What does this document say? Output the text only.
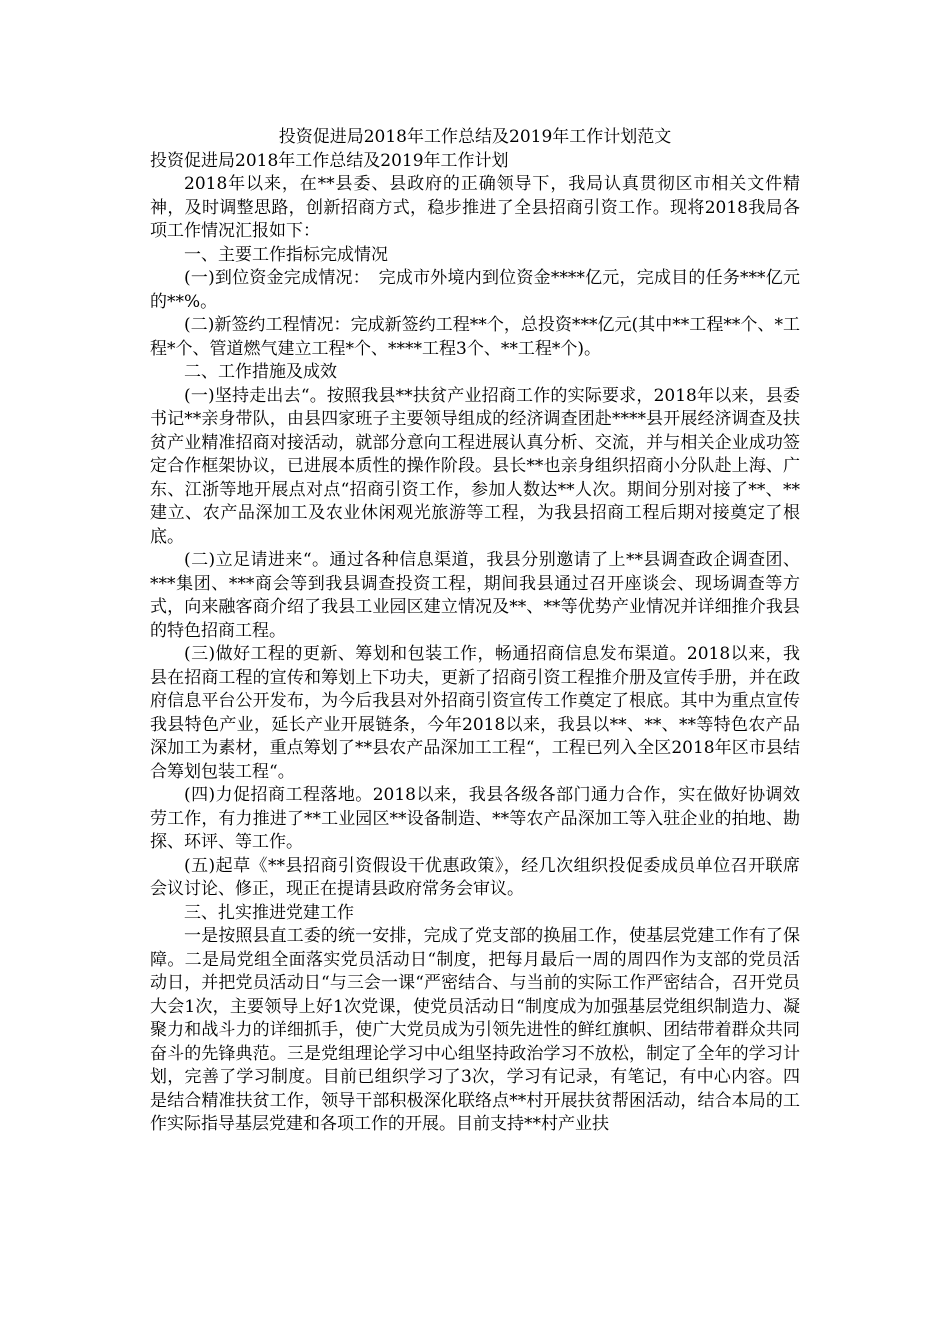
投资促进局2018年工作总结及2019年工作计划范文

投资促进局2018年工作总结及2019年工作计划

2018年以来，在**县委、县政府的正确领导下，我局认真贯彻区市相关文件精神，及时调整思路，创新招商方式，稳步推进了全县招商引资工作。现将2018我局各项工作情况汇报如下：

一、主要工作指标完成情况

(一)到位资金完成情况：　完成市外境内到位资金****亿元，完成目的任务***亿元的**%。

(二)新签约工程情况：完成新签约工程**个，总投资***亿元(其中**工程**个、*工程*个、管道燃气建立工程*个、****工程3个、**工程*个)。

二、工作措施及成效

(一)坚持走出去“。按照我县**扶贫产业招商工作的实际要求，2018年以来，县委书记**亲身带队，由县四家班子主要领导组成的经济调查团赴****县开展经济调查及扶贫产业精准招商对接活动，就部分意向工程进展认真分析、交流，并与相关企业成功签定合作框架协议，已进展本质性的操作阶段。县长**也亲身组织招商小分队赴上海、广东、江浙等地开展点对点“招商引资工作，参加人数达**人次。期间分别对接了**、**建立、农产品深加工及农业休闲观光旅游等工程，为我县招商工程后期对接奠定了根底。

(二)立足请进来“。通过各种信息渠道，我县分别邀请了上**县调查政企调查团、***集团、***商会等到我县调查投资工程，期间我县通过召开座谈会、现场调查等方式，向来融客商介绍了我县工业园区建立情况及**、**等优势产业情况并详细推介我县的特色招商工程。

(三)做好工程的更新、筹划和包装工作，畅通招商信息发布渠道。2018以来，我县在招商工程的宣传和筹划上下功夫，更新了招商引资工程推介册及宣传手册，并在政府信息平台公开发布，为今后我县对外招商引资宣传工作奠定了根底。其中为重点宣传我县特色产业，延长产业开展链条，今年2018以来，我县以**、**、**等特色农产品深加工为素材，重点筹划了**县农产品深加工工程“，工程已列入全区2018年区市县结合筹划包装工程“。

(四)力促招商工程落地。2018以来，我县各级各部门通力合作，实在做好协调效劳工作，有力推进了**工业园区**设备制造、**等农产品深加工等入驻企业的拍地、勘探、环评、等工作。

(五)起草《**县招商引资假设干优惠政策》，经几次组织投促委成员单位召开联席会议讨论、修正，现正在提请县政府常务会审议。

三、扎实推进党建工作

一是按照县直工委的统一安排，完成了党支部的换届工作，使基层党建工作有了保障。二是局党组全面落实党员活动日“制度，把每月最后一周的周四作为支部的党员活动日，并把党员活动日“与三会一课“严密结合、与当前的实际工作严密结合，召开党员大会1次，主要领导上好1次党课，使党员活动日“制度成为加强基层党组织制造力、凝聚力和战斗力的详细抓手，使广大党员成为引领先进性的鲜红旗帜、团结带着群众共同奋斗的先锋典范。三是党组理论学习中心组坚持政治学习不放松，制定了全年的学习计划，完善了学习制度。目前已组织学习了3次，学习有记录，有笔记，有中心内容。四是结合精准扶贫工作，领导干部积极深化联络点**村开展扶贫帮困活动，结合本局的工作实际指导基层党建和各项工作的开展。目前支持**村产业扶
